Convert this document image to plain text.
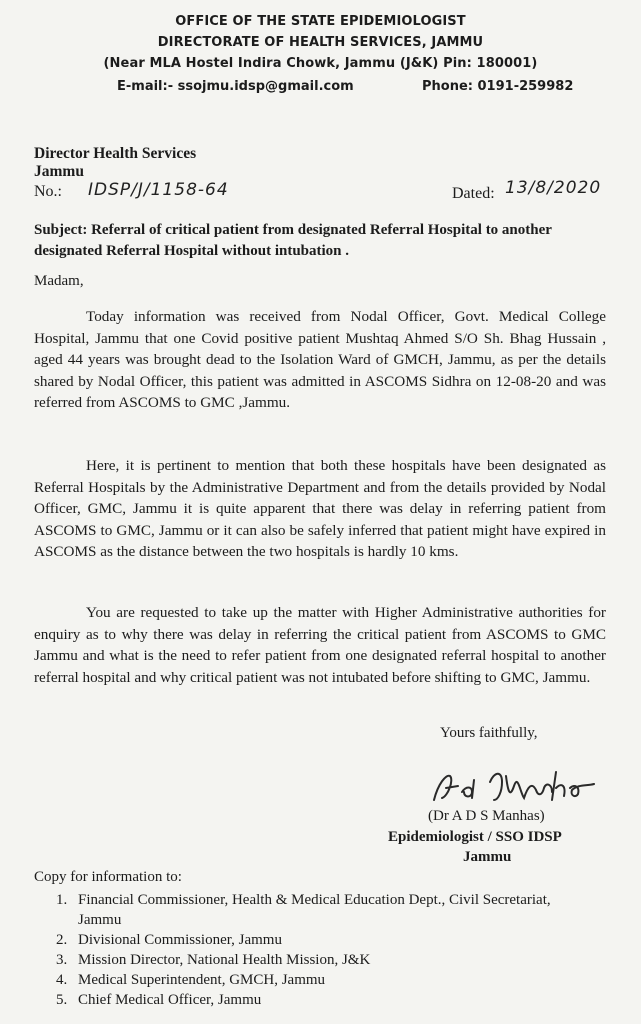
OFFICE OF THE STATE EPIDEMIOLOGIST
DIRECTORATE OF HEALTH SERVICES, JAMMU
(Near MLA Hostel Indira Chowk, Jammu (J&K) Pin: 180001)
E-mail:- ssojmu.idsp@gmail.com	Phone: 0191-259982
Director Health Services
Jammu
No.: IDSP/J/1158-64	Dated: 13/8/2020
Subject: Referral of critical patient from designated Referral Hospital to another designated Referral Hospital without intubation .
Madam,
Today information was received from Nodal Officer, Govt. Medical College Hospital, Jammu that one Covid positive patient Mushtaq Ahmed S/O Sh. Bhag Hussain , aged 44 years was brought dead to the Isolation Ward of GMCH, Jammu, as per the details shared by Nodal Officer, this patient was admitted in ASCOMS Sidhra on 12-08-20 and was referred from ASCOMS to GMC ,Jammu.
Here, it is pertinent to mention that both these hospitals have been designated as Referral Hospitals by the Administrative Department and from the details provided by Nodal Officer, GMC, Jammu it is quite apparent that there was delay in referring patient from ASCOMS to GMC, Jammu or it can also be safely inferred that patient might have expired in ASCOMS as the distance between the two hospitals is hardly 10 kms.
You are requested to take up the matter with Higher Administrative authorities for enquiry as to why there was delay in referring the critical patient from ASCOMS to GMC Jammu and what is the need to refer patient from one designated referral hospital to another referral hospital and why critical patient was not intubated before shifting to GMC, Jammu.
Yours faithfully,
(Dr A D S Manhas)
Epidemiologist / SSO IDSP
Jammu
Copy for information to:
1. Financial Commissioner, Health & Medical Education Dept., Civil Secretariat, Jammu
2. Divisional Commissioner, Jammu
3. Mission Director, National Health Mission, J&K
4. Medical Superintendent, GMCH, Jammu
5. Chief Medical Officer, Jammu
